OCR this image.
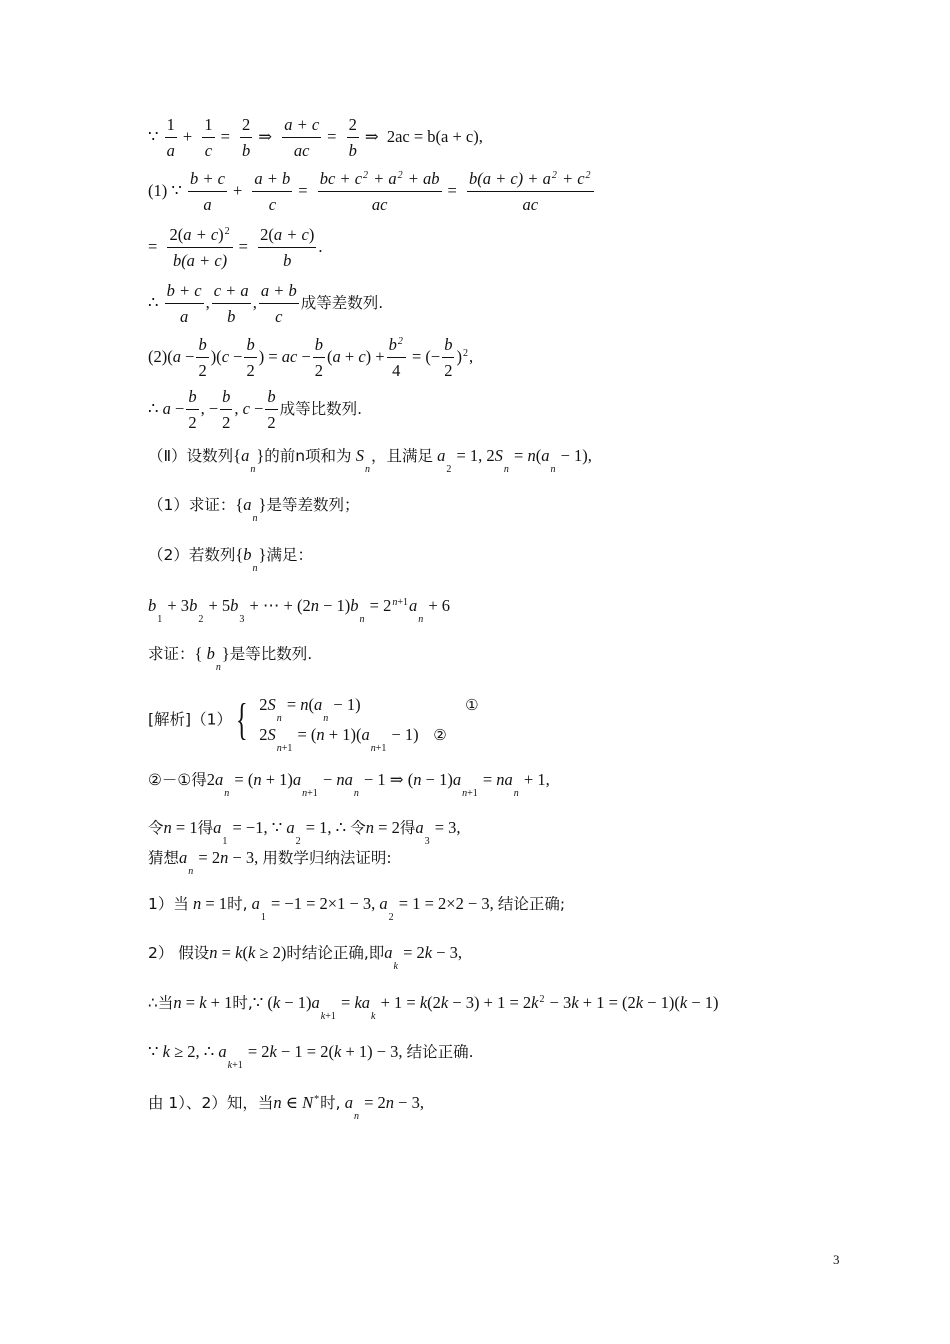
∵ $\frac{1}{a} + \frac{1}{c} = \frac{2}{b}$ ⇒ $\frac{a + c}{ac} = \frac{2}{b}$ ⇒ 2ac = b(a + c),
(1) ∵ $\frac{b + c}{a} + \frac{a + b}{c} = \frac{bc + c2 + a2 + ab}{ac} = \frac{b(a + c) + a2 + c2}{ac}$
= $\frac{2(a + c)2}{b(a + c)} = \frac{2(a + c)}{b}$ .
∴ $\frac{b + c}{a}$ , $\frac{c + a}{b}$ , $\frac{a + b}{c}$ 成等差数列.
$(2)(a - \frac{b}{2} )(c - \frac{b}{2}$ ) = ac − $\frac{b}{2} (a + c) + \frac{b2}{4}$ = (− $\frac{b}{2} )2$,
∴ $a - \frac{b}{2}$ , − $\frac{b}{2}$ , $c - \frac{b}{2}$ 成等比数列.
（Ⅱ）设数列{an}的前n项和为 Sn，且满足 a2 = 1, 2Sn = n(an − 1),
（1）求证：{an}是等差数列；
（2）若数列{bn}满足：
b1 + 3b2 + 5b3 + ⋯ + (2n − 1)bn = 2n+1an + 6
求证：{ bn}是等比数列.
[解析]（1） { 2Sn = n(an − 1)	①
2Sn+1 = (n + 1)(an+1 − 1) ②
②－①得2an = (n + 1)an+1 − nan − 1 ⇒ (n − 1)an+1 = nan + 1,
令n = 1得a1 = −1, ∵ a2 = 1, ∴ 令n = 2得a3 = 3,
猜想an = 2n − 3, 用数学归纳法证明:
1）当 n = 1时, a1 = −1 = 2×1 − 3, a2 = 1 = 2×2 − 3, 结论正确;
2） 假设n = k(k ≥ 2)时结论正确,即ak = 2k − 3,
∴当n = k + 1时,∵ (k − 1)ak+1 = kak + 1 = k(2k − 3) + 1 = 2k2 − 3k + 1 = (2k − 1)(k − 1)
∵ k ≥ 2, ∴ ak+1 = 2k − 1 = 2(k + 1) − 3, 结论正确.
由 1）、2）知，当n ∈ N*时, an = 2n − 3,
3
